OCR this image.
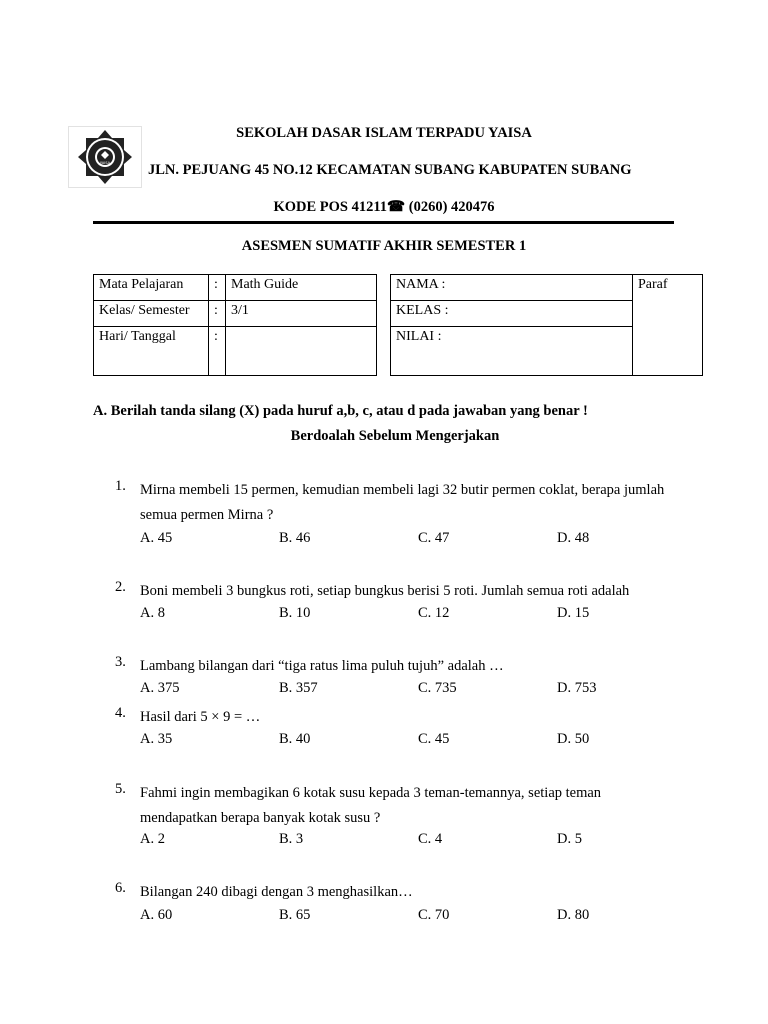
YAISA
SEKOLAH DASAR ISLAM TERPADU YAISA
JLN. PEJUANG 45 NO.12 KECAMATAN SUBANG KABUPATEN SUBANG
KODE POS 41211☎ (0260) 420476
ASESMEN SUMATIF AKHIR SEMESTER 1
Mata Pelajaran	:	Math Guide
Kelas/ Semester	:	3/1
Hari/ Tanggal	:	
NAMA :	Paraf
KELAS :
NILAI :
A. Berilah tanda silang (X) pada huruf a,b, c, atau d pada jawaban yang benar !
Berdoalah Sebelum Mengerjakan
1. Mirna membeli 15 permen, kemudian membeli lagi 32 butir permen coklat, berapa jumlah semua permen Mirna ?
A. 45	B. 46	C. 47	D. 48
2. Boni membeli 3 bungkus roti, setiap bungkus berisi 5 roti. Jumlah semua roti adalah
A. 8	B. 10	C. 12	D. 15
3. Lambang bilangan dari “tiga ratus lima puluh tujuh” adalah …
A. 375	B. 357	C. 735	D. 753
4. Hasil dari 5 × 9 = …
A. 35	B. 40	C. 45	D. 50
5. Fahmi ingin membagikan 6 kotak susu kepada 3 teman-temannya, setiap teman mendapatkan berapa banyak kotak susu ?
A. 2	B. 3	C. 4	D. 5
6. Bilangan 240 dibagi dengan 3 menghasilkan…
A. 60	B. 65	C. 70	D. 80
